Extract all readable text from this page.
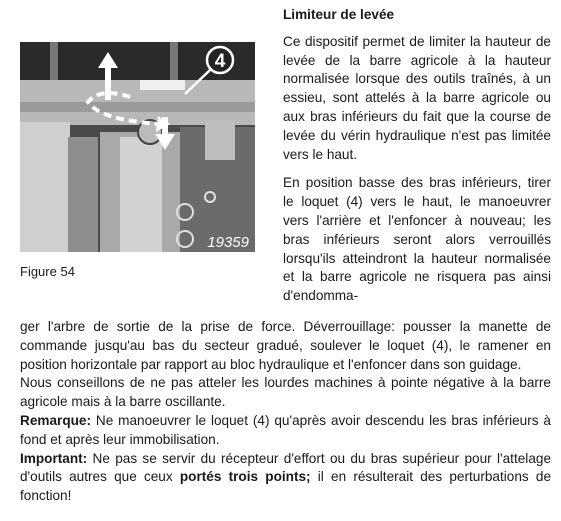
4
19359
Figure 54

Limiteur de levée

Ce dispositif permet de limiter la hauteur de levée de la barre agricole à la hauteur normalisée lorsque des outils traînés, à un essieu, sont attelés à la barre agricole ou aux bras inférieurs du fait que la course de levée du vérin hydraulique n'est pas limitée vers le haut.

En position basse des bras inférieurs, tirer le loquet (4) vers le haut, le manoeuvrer vers l'arrière et l'enfoncer à nouveau; les bras inférieurs seront alors verrouillés lorsqu'ils atteindront la hauteur normalisée et la barre agricole ne risquera pas ainsi d'endomma-

ger l'arbre de sortie de la prise de force. Déverrouillage: pousser la manette de commande jusqu'au bas du secteur gradué, soulever le loquet (4), le ramener en position horizontale par rapport au bloc hydraulique et l'enfoncer dans son guidage.

Nous conseillons de ne pas atteler les lourdes machines à pointe négative à la barre agricole mais à la barre oscillante.

Remarque: Ne manoeuvrer le loquet (4) qu'après avoir descendu les bras inférieurs à fond et après leur immobilisation.

Important: Ne pas se servir du récepteur d'effort ou du bras supérieur pour l'attelage d'outils autres que ceux portés trois points; il en résulterait des perturbations de fonction!
